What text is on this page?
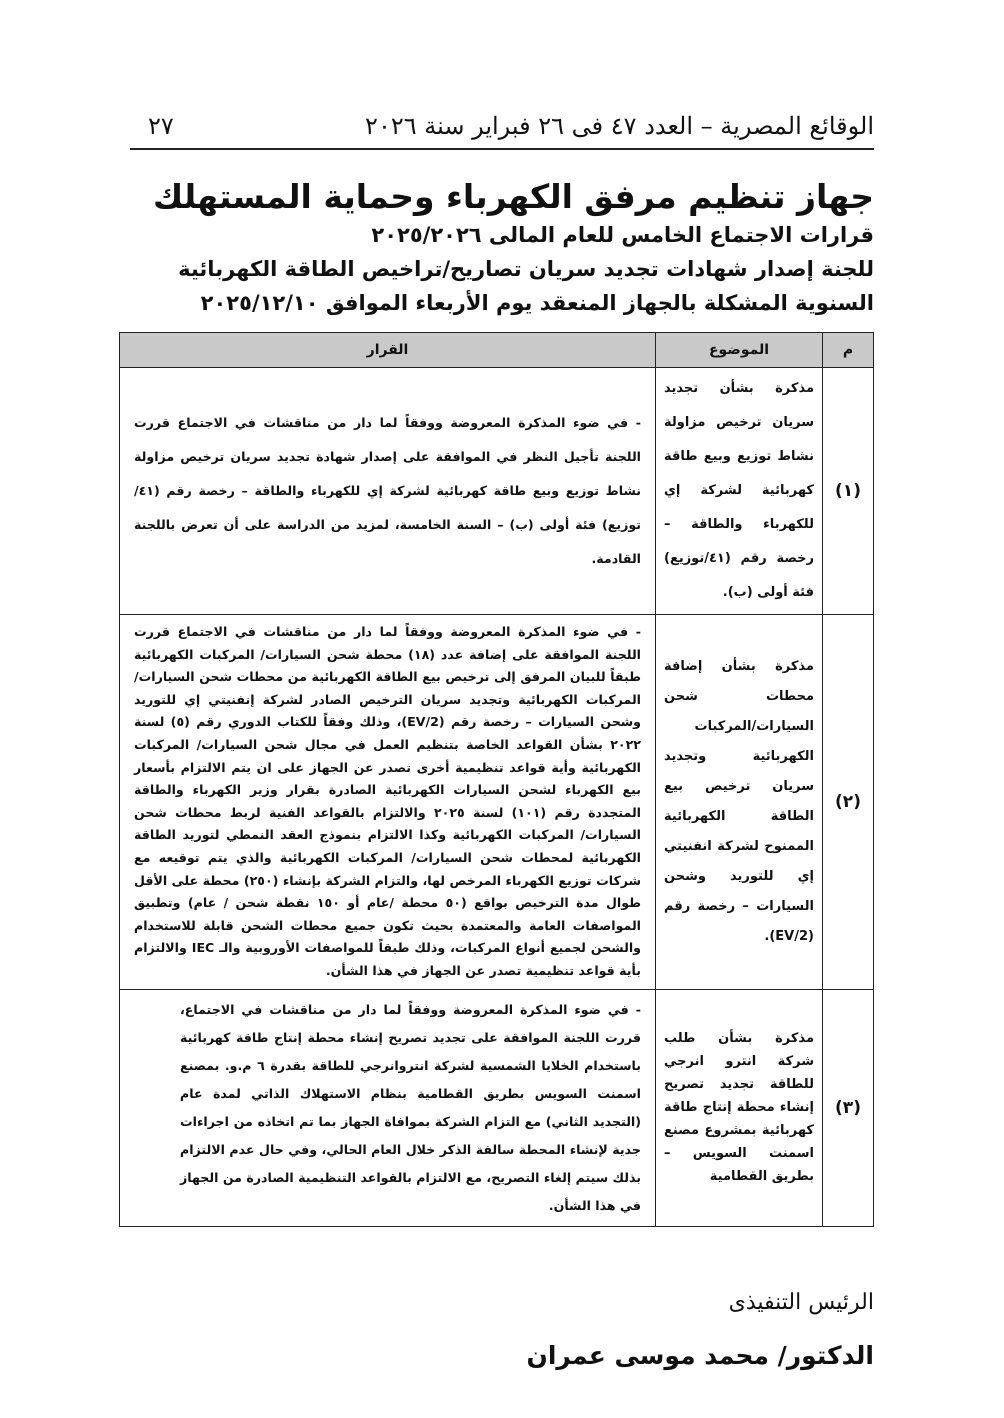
الوقائع المصرية – العدد ٤٧ فى ٢٦ فبراير سنة ٢٠٢٦
٢٧
جهاز تنظيم مرفق الكهرباء وحماية المستهلك
قرارات الاجتماع الخامس للعام المالى ٢٠٢٥/٢٠٢٦
للجنة إصدار شهادات تجديد سريان تصاريح/تراخيص الطاقة الكهربائية
السنوية المشكلة بالجهاز المنعقد يوم الأربعاء الموافق ٢٠٢٥/١٢/١٠
م	الموضوع	القرار
(١)	مذكرة بشأن تجديد سريان ترخيص مزاولة نشاط توزيع وبيع طاقة كهربائية لشركة إي للكهرباء والطاقة – رخصة رقم (٤١/توزيع) فئة أولى (ب).	- في ضوء المذكرة المعروضة ووفقاً لما دار من مناقشات في الاجتماع قررت اللجنة تأجيل النظر في الموافقة على إصدار شهادة تجديد سريان ترخيص مزاولة نشاط توزيع وبيع طاقة كهربائية لشركة إي للكهرباء والطاقة – رخصة رقم (٤١/توزيع) فئة أولى (ب) – السنة الخامسة، لمزيد من الدراسة على أن تعرض باللجنة القادمة.
(٢)	مذكرة بشأن إضافة محطات شحن السيارات/المركبات الكهربائية وتجديد سريان ترخيص بيع الطاقة الكهربائية الممنوح لشركة انفنيتي إي للتوريد وشحن السيارات – رخصة رقم (EV/2).	- في ضوء المذكرة المعروضة ووفقاً لما دار من مناقشات في الاجتماع قررت اللجنة الموافقة على إضافة عدد (١٨) محطة شحن السيارات/ المركبات الكهربائية طبقاً للبيان المرفق إلى ترخيص بيع الطاقة الكهربائية من محطات شحن السيارات/المركبات الكهربائية وتجديد سريان الترخيص الصادر لشركة إنفنيتي إي للتوريد وشحن السيارات – رخصة رقم (EV/2)، وذلك وفقاً للكتاب الدوري رقم (٥) لسنة ٢٠٢٢ بشأن القواعد الخاصة بتنظيم العمل في مجال شحن السيارات/ المركبات الكهربائية وأية قواعد تنظيمية أخرى تصدر عن الجهاز على ان يتم الالتزام بأسعار بيع الكهرباء لشحن السيارات الكهربائية الصادرة بقرار وزير الكهرباء والطاقة المتجددة رقم (١٠١) لسنة ٢٠٢٥ والالتزام بالقواعد الفنية لربط محطات شحن السيارات/ المركبات الكهربائية وكذا الالتزام بنموذج العقد النمطي لتوريد الطاقة الكهربائية لمحطات شحن السيارات/ المركبات الكهربائية والذي يتم توقيعه مع شركات توزيع الكهرباء المرخص لها، والتزام الشركة بإنشاء (٢٥٠) محطة على الأقل طوال مدة الترخيص بواقع (٥٠ محطة /عام أو ١٥٠ نقطة شحن / عام) وتطبيق المواصفات العامة والمعتمدة بحيث تكون جميع محطات الشحن قابلة للاستخدام والشحن لجميع أنواع المركبات، وذلك طبقاً للمواصفات الأوروبية والـ IEC والالتزام بأية قواعد تنظيمية تصدر عن الجهاز في هذا الشأن.
(٣)	مذكرة بشأن طلب شركة انترو انرجي للطاقة تجديد تصريح إنشاء محطة إنتاج طاقة كهربائية بمشروع مصنع اسمنت السويس – بطريق القطامية	- في ضوء المذكرة المعروضة ووفقاً لما دار من مناقشات في الاجتماع، قررت اللجنة الموافقة على تجديد تصريح إنشاء محطة إنتاج طاقة كهربائية باستخدام الخلايا الشمسية لشركة انتروانرجي للطاقة بقدرة ٦ م.و. بمصنع اسمنت السويس بطريق القطامية بنظام الاستهلاك الذاتي لمدة عام (التجديد الثاني) مع التزام الشركة بموافاة الجهاز بما تم اتخاذه من اجراءات جدية لإنشاء المحطة سالفة الذكر خلال العام الحالي، وفي حال عدم الالتزام بذلك سيتم إلغاء التصريح، مع الالتزام بالقواعد التنظيمية الصادرة من الجهاز في هذا الشأن.
الرئيس التنفيذى
الدكتور/ محمد موسى عمران
